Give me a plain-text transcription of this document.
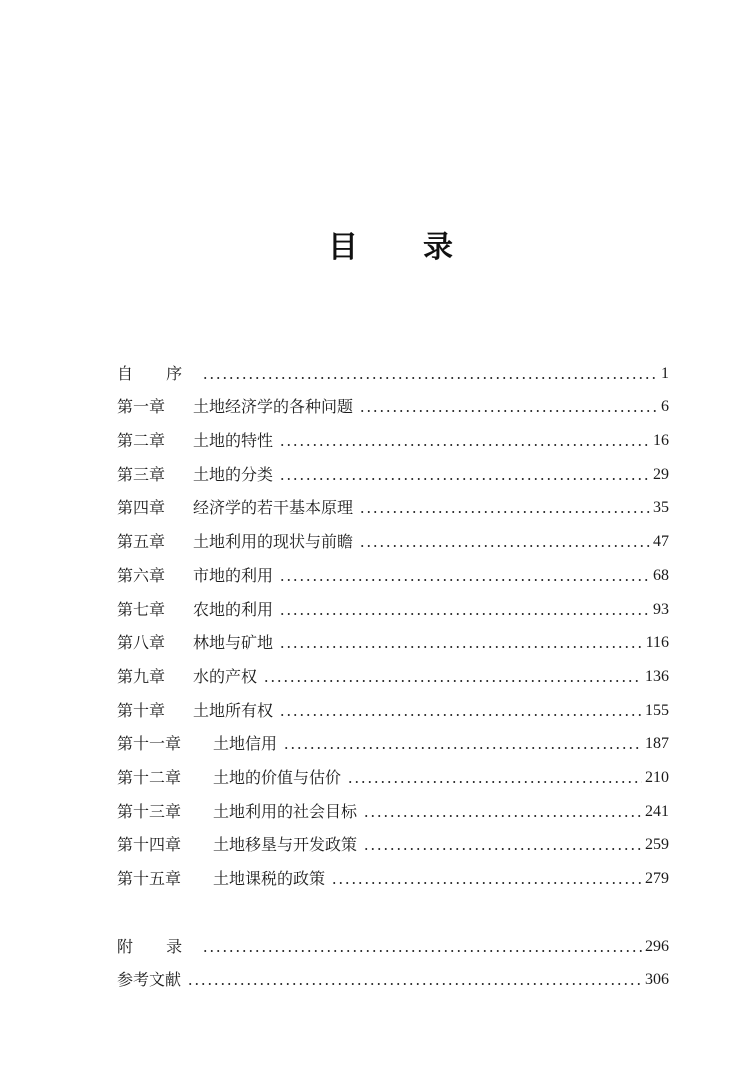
目 录
自 序	1
第一章	土地经济学的各种问题	6
第二章	土地的特性	16
第三章	土地的分类	29
第四章	经济学的若干基本原理	35
第五章	土地利用的现状与前瞻	47
第六章	市地的利用	68
第七章	农地的利用	93
第八章	林地与矿地	116
第九章	水的产权	136
第十章	土地所有权	155
第十一章	土地信用	187
第十二章	土地的价值与估价	210
第十三章	土地利用的社会目标	241
第十四章	土地移垦与开发政策	259
第十五章	土地课税的政策	279
附 录	296
参考文献	306
